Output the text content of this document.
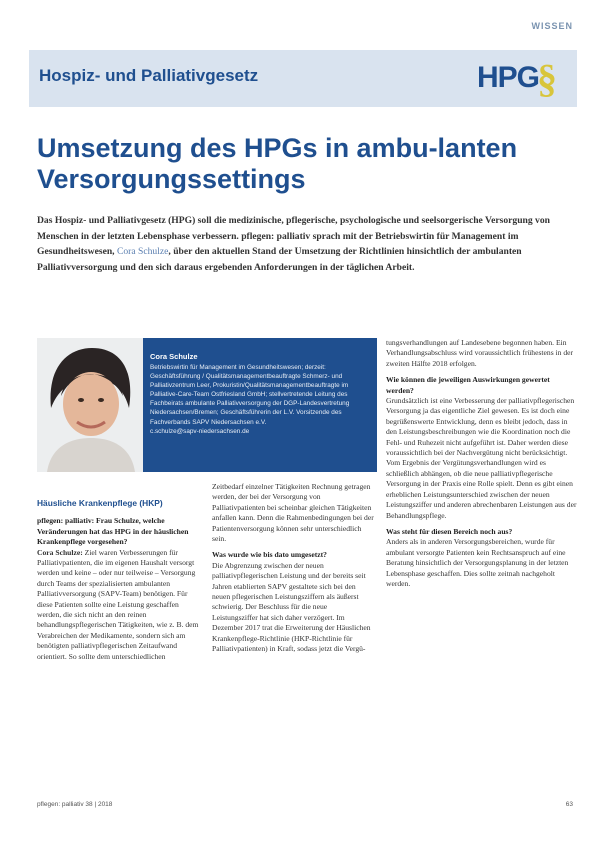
WISSEN
Hospiz- und Palliativgesetz	HPG
§
Umsetzung des HPGs in ambu-lanten Versorgungssettings
Das Hospiz- und Palliativgesetz (HPG) soll die medizinische, pflegerische, psychologische und seelsorgerische Versorgung von Menschen in der letzten Lebensphase verbessern. pflegen: palliativ sprach mit der Betriebswirtin für Management im Gesundheitswesen, Cora Schulze, über den aktuellen Stand der Umsetzung der Richtlinien hinsichtlich der ambulanten Palliativversorgung und den sich daraus ergebenden Anforderungen in der täglichen Arbeit.
Cora Schulze
Betriebswirtin für Management im Gesundheitswesen; derzeit: Geschäftsführung / Qualitätsmanagementbeauftragte Schmerz- und Palliativzentrum Leer, Prokuristin/Qualitätsmanagementbeauftragte im Palliative-Care-Team Ostfriesland GmbH; stellvertretende Leitung des Fachbeirats ambulante Palliativversorgung der DGP-Landesvertretung Niedersachsen/Bremen; Geschäftsführerin der L.V. Vorsitzende des Fachverbands SAPV Niedersachsen e.V.
c.schulze@sapv-niedersachsen.de
Häusliche Krankenpflege (HKP)
pflegen: palliativ: Frau Schulze, welche Veränderungen hat das HPG in der häuslichen Krankenpflege vorgesehen?

Cora Schulze: Ziel waren Verbesserungen für Palliativpatienten, die im eigenen Haushalt versorgt werden und keine – oder nur teilweise – Versorgung durch Teams der spezialisierten ambulanten Palliativversorgung (SAPV-Team) benötigen. Für diese Patienten sollte eine Leistung geschaffen werden, die sich nicht an den reinen behandlungspflegerischen Tätigkeiten, wie z. B. dem Verabreichen der Medikamente, sondern sich am benötigten palliativpflegerischen Zeitaufwand orientiert. So sollte dem unterschiedlichen

Zeitbedarf einzelner Tätigkeiten Rechnung getragen werden, der bei der Versorgung von Palliativpatienten bei scheinbar gleichen Tätigkeiten anfallen kann. Denn die Rahmenbedingungen bei der Patientenversorgung können sehr unterschiedlich sein.

Was wurde wie bis dato umgesetzt?

Die Abgrenzung zwischen der neuen palliativpflegerischen Leistung und der bereits seit Jahren etablierten SAPV gestaltete sich bei den neuen pflegerischen Leistungsziffern als äußerst schwierig. Der Beschluss für die neue Leistungsziffer hat sich daher verzögert. Im Dezember 2017 trat die Erweiterung der Häuslichen Krankenpflege-Richtlinie (HKP-Richtlinie für Palliativpatienten) in Kraft, sodass jetzt die Vergü-

tungsverhandlungen auf Landesebene begonnen haben. Ein Verhandlungsabschluss wird voraussichtlich frühestens in der zweiten Hälfte 2018 erfolgen.

Wie können die jeweiligen Auswirkungen gewertet werden?

Grundsätzlich ist eine Verbesserung der palliativpflegerischen Versorgung ja das eigentliche Ziel gewesen. Es ist doch eine begrüßenswerte Entwicklung, denn es bleibt jedoch, dass in den Leistungsbeschreibungen wie die Koordination noch die Fehl- und Ruhezeit nicht aufgeführt ist. Daher werden diese voraussichtlich bei der Nachvergütung nicht berücksichtigt. Vom Ergebnis der Vergütungsverhandlungen wird es schließlich abhängen, ob die neue palliativpflegerische Versorgung in der Praxis eine Rolle spielt. Denn es gibt einen erheblichen Leistungsunterschied zwischen der neuen Leistungsziffer und anderen abrechenbaren Leistungen aus der Behandlungspflege.

Was steht für diesen Bereich noch aus?

Anders als in anderen Versorgungsbereichen, wurde für ambulant versorgte Patienten kein Rechtsanspruch auf eine Beratung hinsichtlich der Versorgungsplanung in der letzten Lebensphase geschaffen. Dies sollte zeitnah nachgeholt werden.

pflegen: palliativ 38 | 2018	63
